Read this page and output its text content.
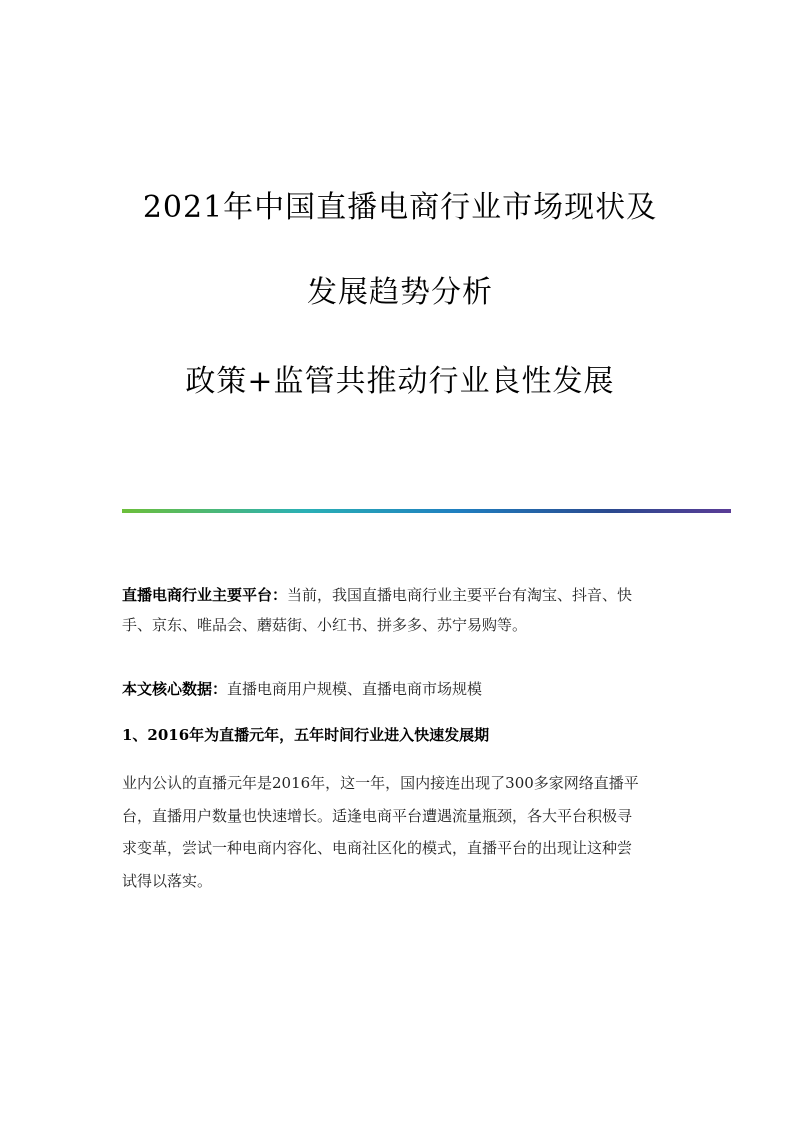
2021年中国直播电商行业市场现状及
发展趋势分析
政策+监管共推动行业良性发展
直播电商行业主要平台：当前，我国直播电商行业主要平台有淘宝、抖音、快
手、京东、唯品会、蘑菇街、小红书、拼多多、苏宁易购等。
本文核心数据：直播电商用户规模、直播电商市场规模
1、2016年为直播元年，五年时间行业进入快速发展期
业内公认的直播元年是2016年，这一年，国内接连出现了300多家网络直播平
台，直播用户数量也快速增长。适逢电商平台遭遇流量瓶颈，各大平台积极寻
求变革，尝试一种电商内容化、电商社区化的模式，直播平台的出现让这种尝
试得以落实。
